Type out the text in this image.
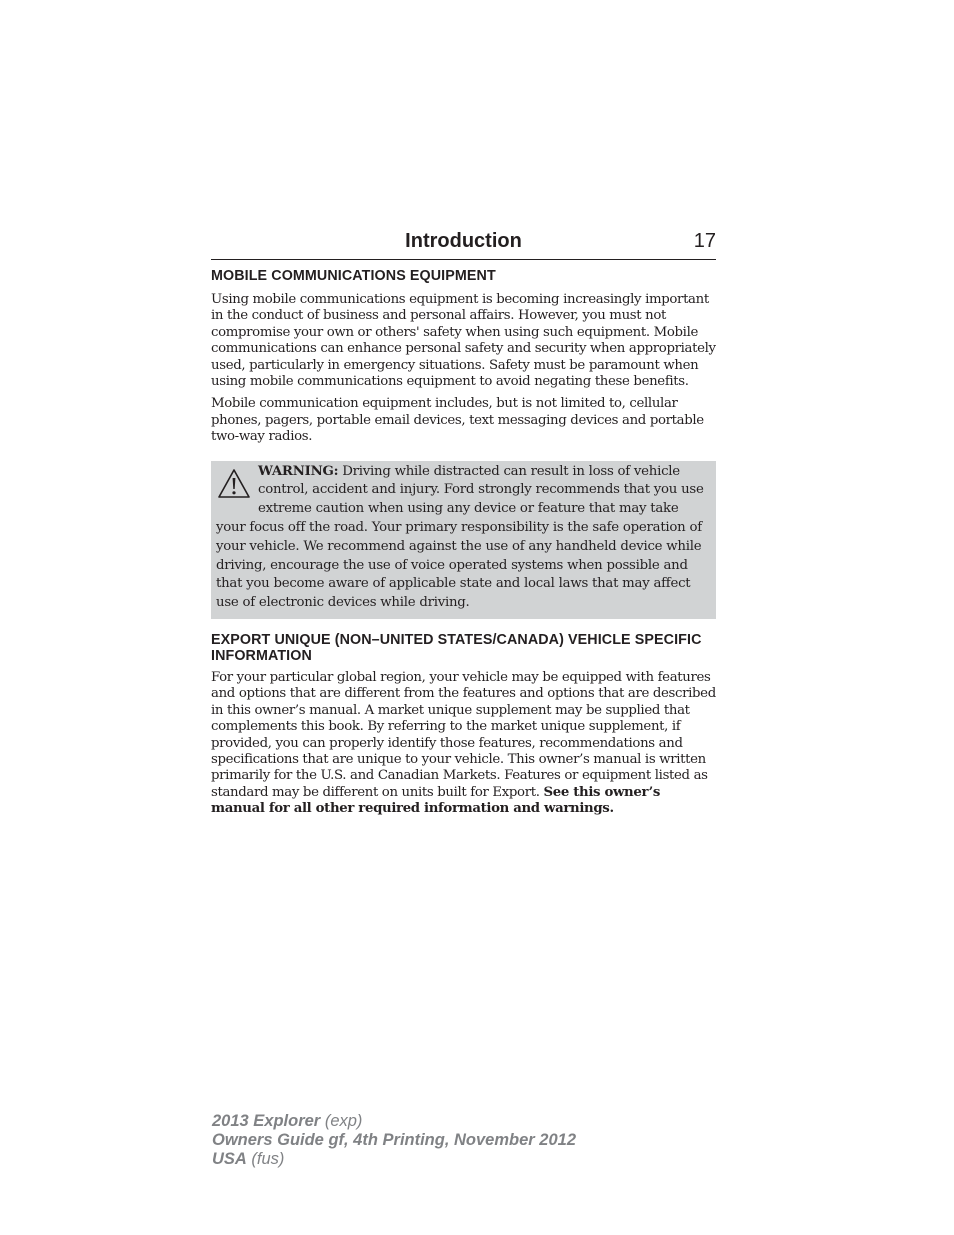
Introduction	17
MOBILE COMMUNICATIONS EQUIPMENT

Using mobile communications equipment is becoming increasingly important in the conduct of business and personal affairs. However, you must not compromise your own or others' safety when using such equipment. Mobile communications can enhance personal safety and security when appropriately used, particularly in emergency situations. Safety must be paramount when using mobile communications equipment to avoid negating these benefits.

Mobile communication equipment includes, but is not limited to, cellular phones, pagers, portable email devices, text messaging devices and portable two-way radios.

WARNING: Driving while distracted can result in loss of vehicle control, accident and injury. Ford strongly recommends that you use extreme caution when using any device or feature that may take your focus off the road. Your primary responsibility is the safe operation of your vehicle. We recommend against the use of any handheld device while driving, encourage the use of voice operated systems when possible and that you become aware of applicable state and local laws that may affect use of electronic devices while driving.

EXPORT UNIQUE (NON–UNITED STATES/CANADA) VEHICLE SPECIFIC INFORMATION

For your particular global region, your vehicle may be equipped with features and options that are different from the features and options that are described in this owner’s manual. A market unique supplement may be supplied that complements this book. By referring to the market unique supplement, if provided, you can properly identify those features, recommendations and specifications that are unique to your vehicle. This owner’s manual is written primarily for the U.S. and Canadian Markets. Features or equipment listed as standard may be different on units built for Export. See this owner’s manual for all other required information and warnings.

2013 Explorer (exp)
Owners Guide gf, 4th Printing, November 2012
USA (fus)
